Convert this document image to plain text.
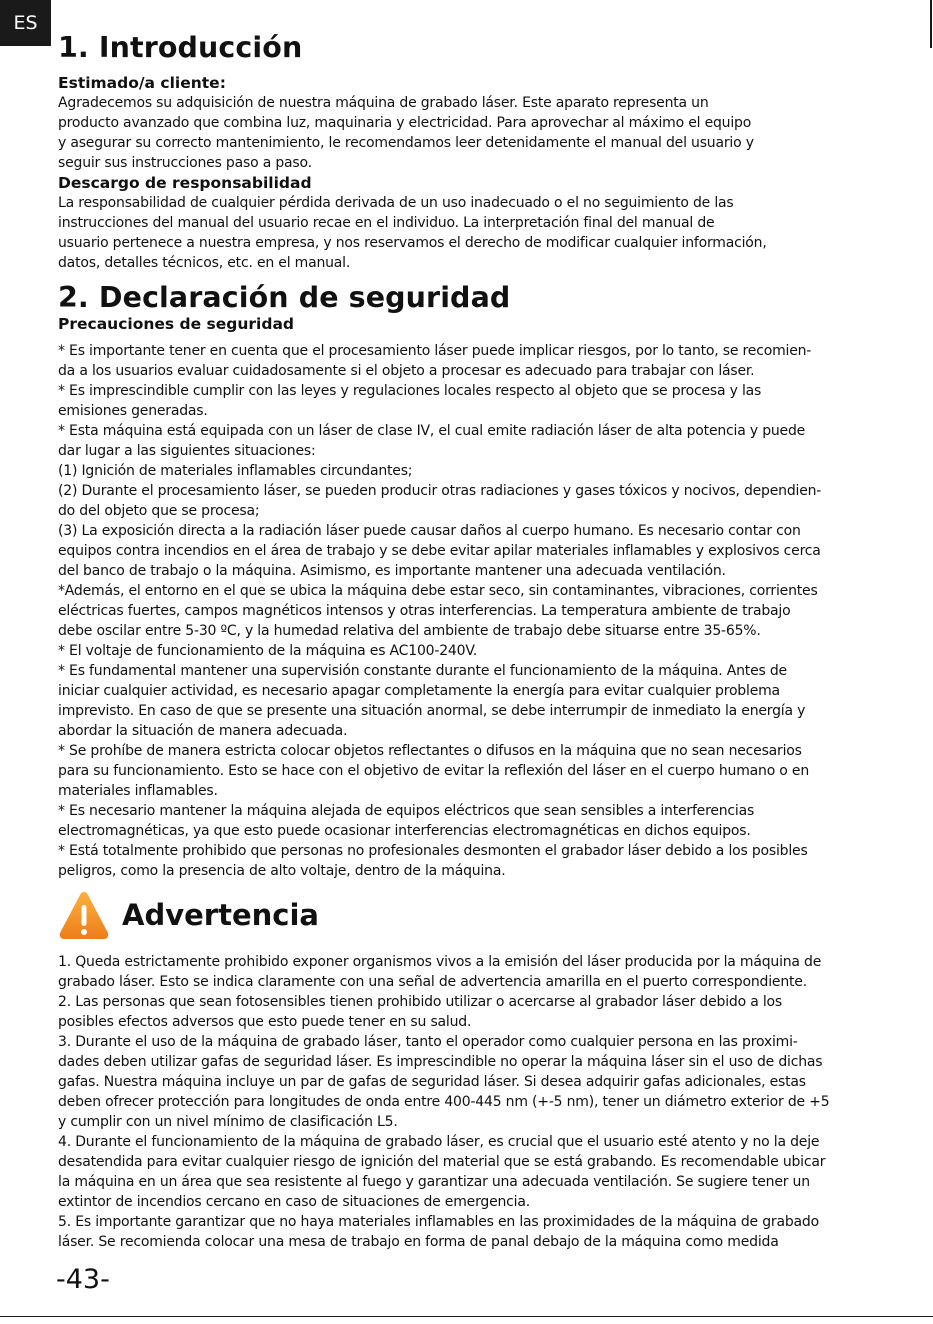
ES
1. Introducción
Estimado/a cliente:

Agradecemos su adquisición de nuestra máquina de grabado láser. Este aparato representa un

producto avanzado que combina luz, maquinaria y electricidad. Para aprovechar al máximo el equipo

y asegurar su correcto mantenimiento, le recomendamos leer detenidamente el manual del usuario y

seguir sus instrucciones paso a paso.

Descargo de responsabilidad

La responsabilidad de cualquier pérdida derivada de un uso inadecuado o el no seguimiento de las

instrucciones del manual del usuario recae en el individuo. La interpretación final del manual de

usuario pertenece a nuestra empresa, y nos reservamos el derecho de modificar cualquier información,

datos, detalles técnicos, etc. en el manual.

2. Declaración de seguridad
Precauciones de seguridad

* Es importante tener en cuenta que el procesamiento láser puede implicar riesgos, por lo tanto, se recomien-

da a los usuarios evaluar cuidadosamente si el objeto a procesar es adecuado para trabajar con láser.

* Es imprescindible cumplir con las leyes y regulaciones locales respecto al objeto que se procesa y las

emisiones generadas.

* Esta máquina está equipada con un láser de clase IV, el cual emite radiación láser de alta potencia y puede

dar lugar a las siguientes situaciones:

(1) Ignición de materiales inflamables circundantes;

(2) Durante el procesamiento láser, se pueden producir otras radiaciones y gases tóxicos y nocivos, dependien-

do del objeto que se procesa;

(3) La exposición directa a la radiación láser puede causar daños al cuerpo humano. Es necesario contar con

equipos contra incendios en el área de trabajo y se debe evitar apilar materiales inflamables y explosivos cerca

del banco de trabajo o la máquina. Asimismo, es importante mantener una adecuada ventilación.

*Además, el entorno en el que se ubica la máquina debe estar seco, sin contaminantes, vibraciones, corrientes

eléctricas fuertes, campos magnéticos intensos y otras interferencias. La temperatura ambiente de trabajo

debe oscilar entre 5-30 ºC, y la humedad relativa del ambiente de trabajo debe situarse entre 35-65%.

* El voltaje de funcionamiento de la máquina es AC100-240V.

* Es fundamental mantener una supervisión constante durante el funcionamiento de la máquina. Antes de

iniciar cualquier actividad, es necesario apagar completamente la energía para evitar cualquier problema

imprevisto. En caso de que se presente una situación anormal, se debe interrumpir de inmediato la energía y

abordar la situación de manera adecuada.

* Se prohíbe de manera estricta colocar objetos reflectantes o difusos en la máquina que no sean necesarios

para su funcionamiento. Esto se hace con el objetivo de evitar la reflexión del láser en el cuerpo humano o en

materiales inflamables.

* Es necesario mantener la máquina alejada de equipos eléctricos que sean sensibles a interferencias

electromagnéticas, ya que esto puede ocasionar interferencias electromagnéticas en dichos equipos.

* Está totalmente prohibido que personas no profesionales desmonten el grabador láser debido a los posibles

peligros, como la presencia de alto voltaje, dentro de la máquina.

Advertencia

1. Queda estrictamente prohibido exponer organismos vivos a la emisión del láser producida por la máquina de

grabado láser. Esto se indica claramente con una señal de advertencia amarilla en el puerto correspondiente.

2. Las personas que sean fotosensibles tienen prohibido utilizar o acercarse al grabador láser debido a los

posibles efectos adversos que esto puede tener en su salud.

3. Durante el uso de la máquina de grabado láser, tanto el operador como cualquier persona en las proximi-

dades deben utilizar gafas de seguridad láser. Es imprescindible no operar la máquina láser sin el uso de dichas

gafas. Nuestra máquina incluye un par de gafas de seguridad láser. Si desea adquirir gafas adicionales, estas

deben ofrecer protección para longitudes de onda entre 400-445 nm (+-5 nm), tener un diámetro exterior de +5

y cumplir con un nivel mínimo de clasificación L5.

4. Durante el funcionamiento de la máquina de grabado láser, es crucial que el usuario esté atento y no la deje

desatendida para evitar cualquier riesgo de ignición del material que se está grabando. Es recomendable ubicar

la máquina en un área que sea resistente al fuego y garantizar una adecuada ventilación. Se sugiere tener un

extintor de incendios cercano en caso de situaciones de emergencia.

5. Es importante garantizar que no haya materiales inflamables en las proximidades de la máquina de grabado

láser. Se recomienda colocar una mesa de trabajo en forma de panal debajo de la máquina como medida

-43-
